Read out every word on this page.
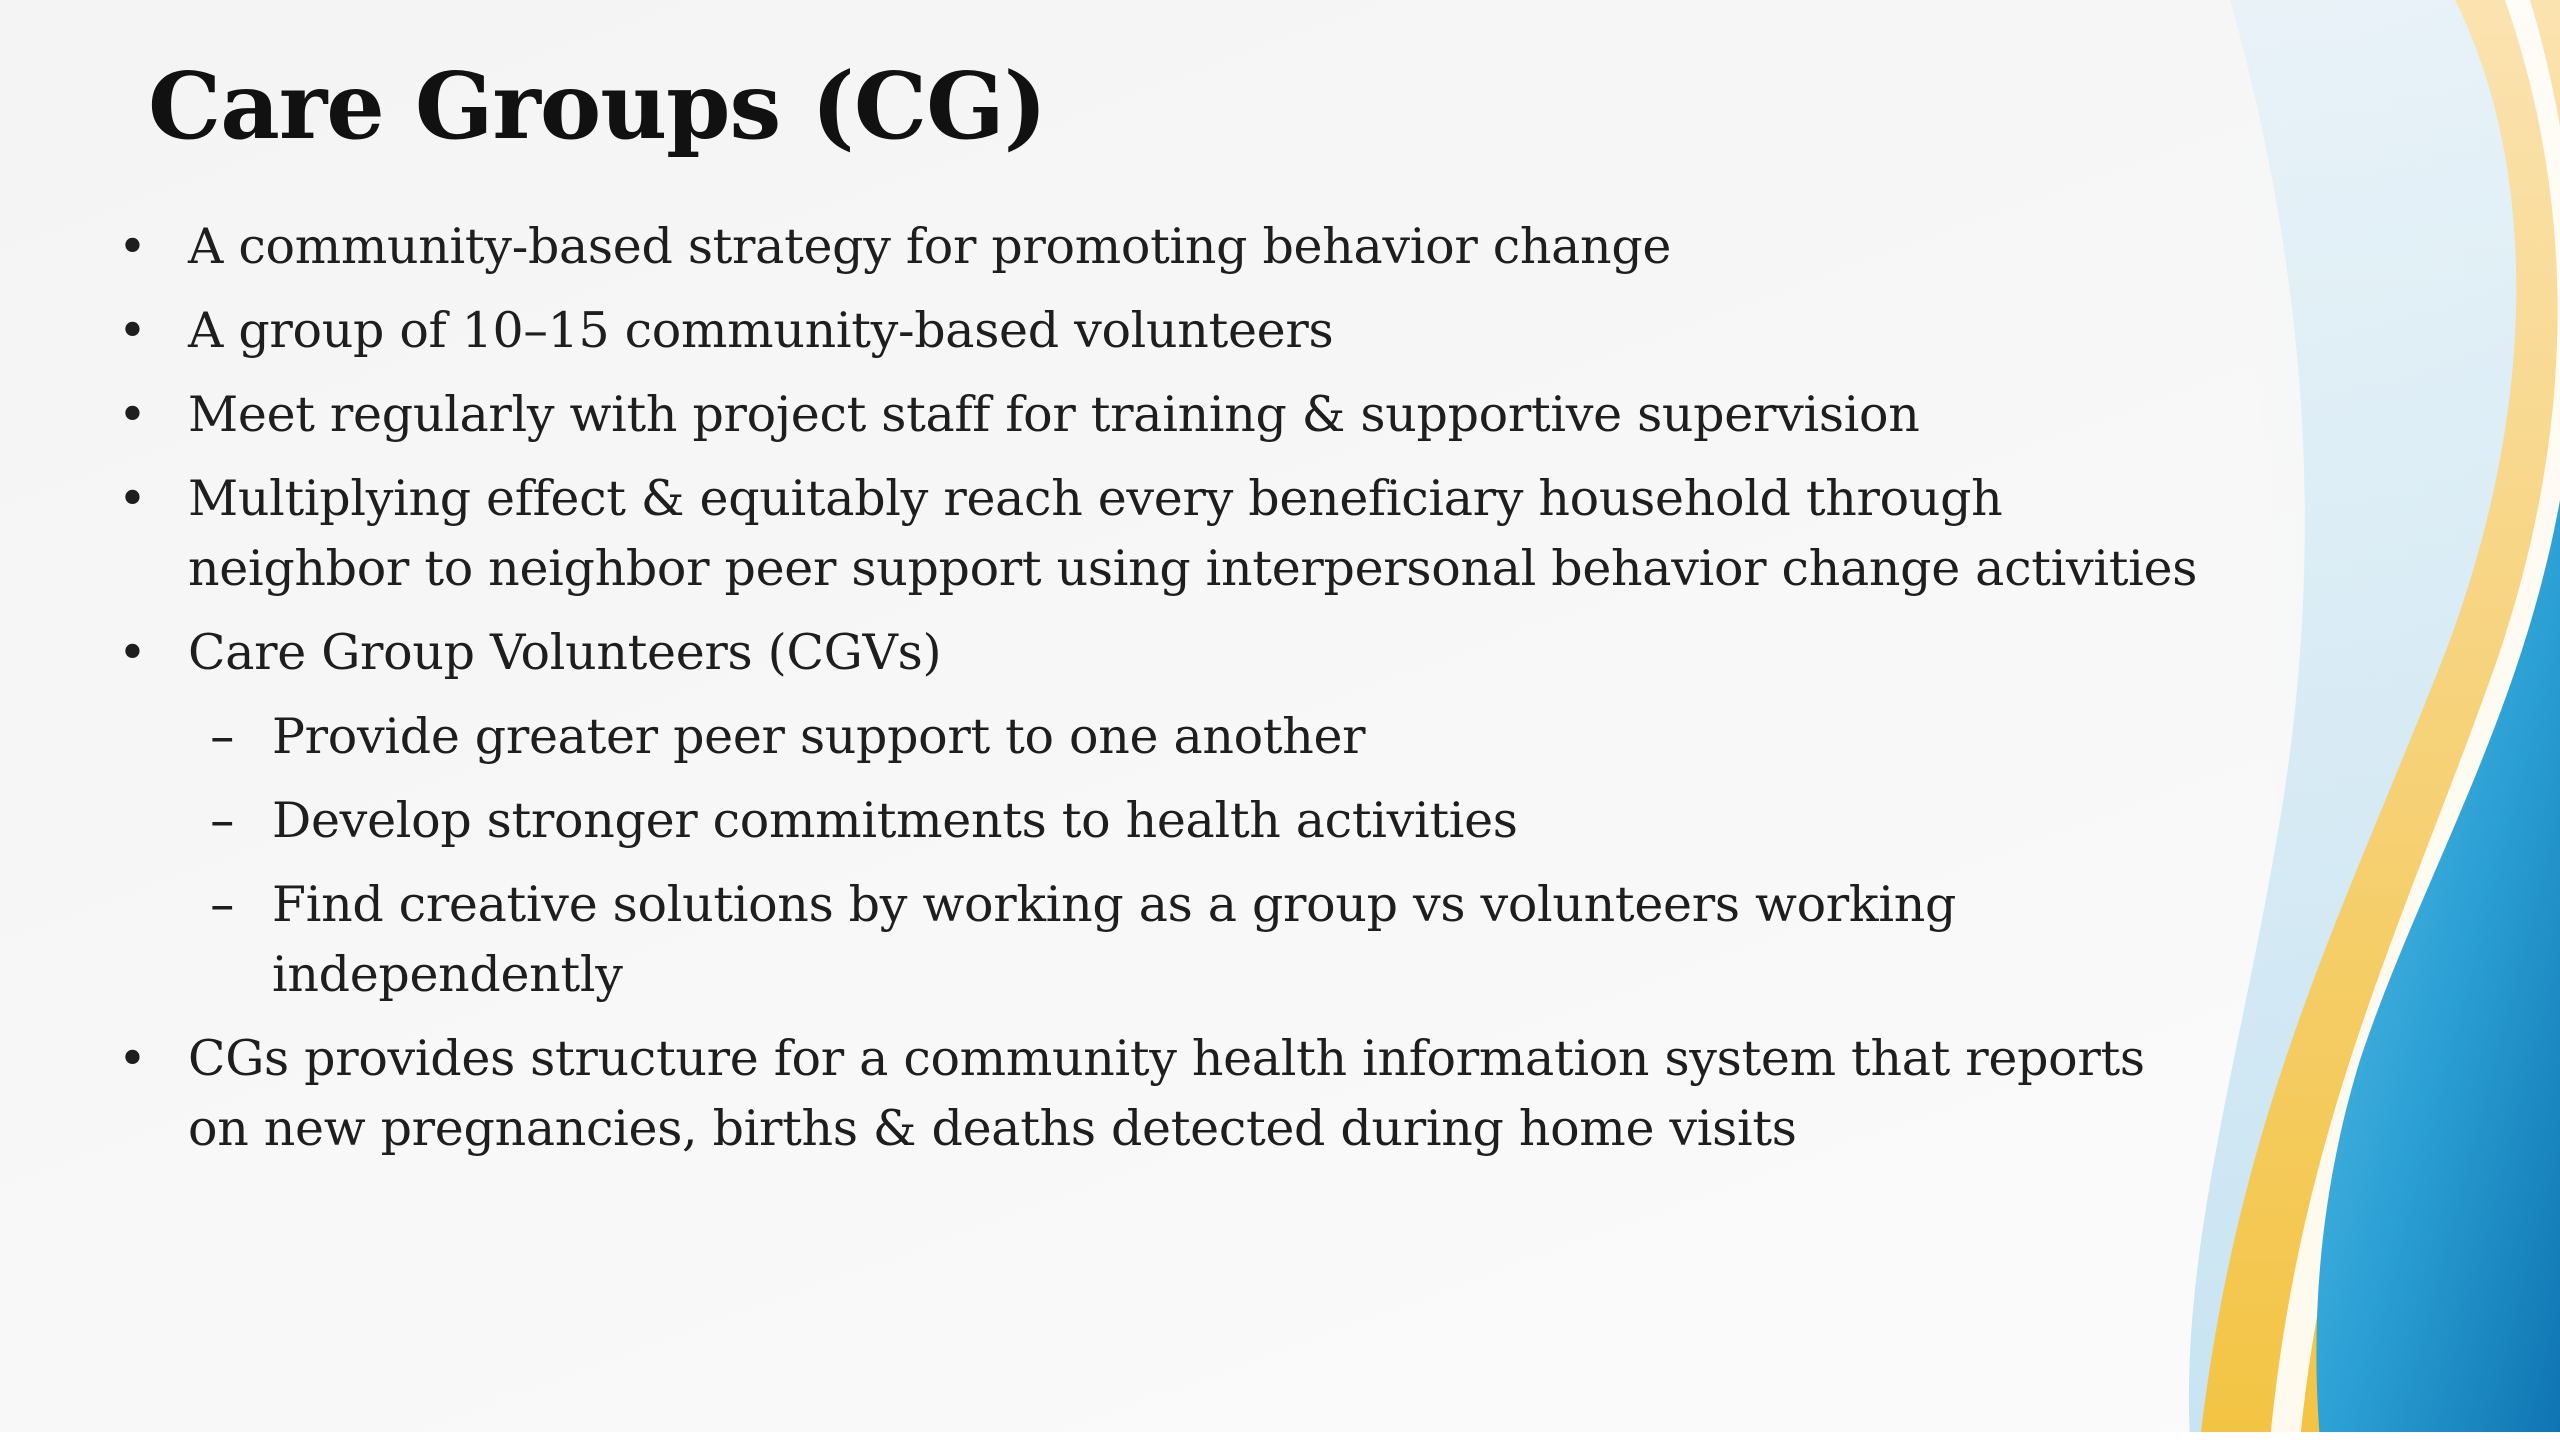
Care Groups (CG)
• A community-based strategy for promoting behavior change
• A group of 10–15 community-based volunteers
• Meet regularly with project staff for training & supportive supervision
• Multiplying effect & equitably reach every beneficiary household through neighbor to neighbor peer support using interpersonal behavior change activities
• Care Group Volunteers (CGVs)
– Provide greater peer support to one another
– Develop stronger commitments to health activities
– Find creative solutions by working as a group vs volunteers working independently
• CGs provides structure for a community health information system that reports on new pregnancies, births & deaths detected during home visits
